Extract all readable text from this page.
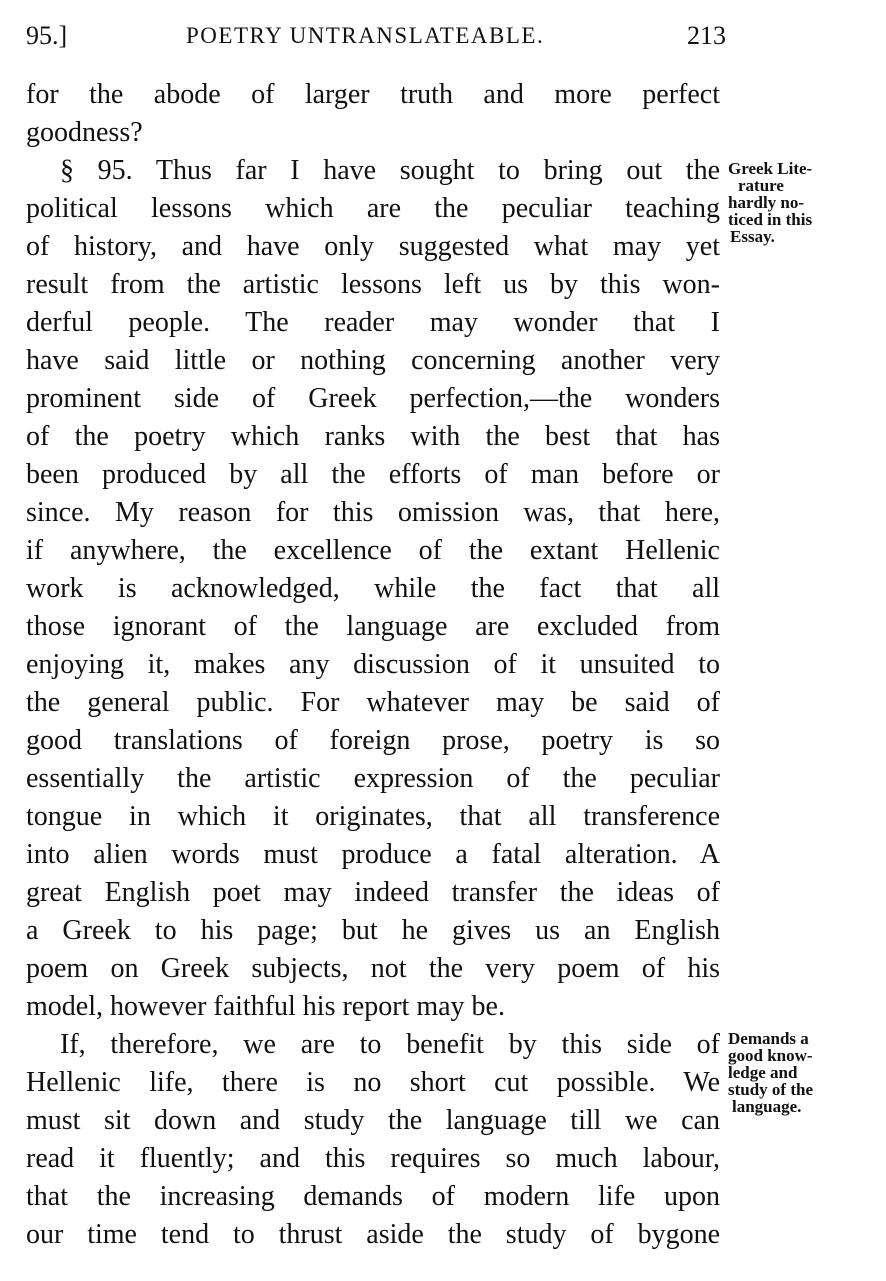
95.]	POETRY UNTRANSLATEABLE.	213
for the abode of larger truth and more perfect
goodness?
§ 95. Thus far I have sought to bring out the
political lessons which are the peculiar teaching
of history, and have only suggested what may yet
result from the artistic lessons left us by this won-
derful people. The reader may wonder that I
have said little or nothing concerning another very
prominent side of Greek perfection,—the wonders
of the poetry which ranks with the best that has
been produced by all the efforts of man before or
since. My reason for this omission was, that here,
if anywhere, the excellence of the extant Hellenic
work is acknowledged, while the fact that all
those ignorant of the language are excluded from
enjoying it, makes any discussion of it unsuited to
the general public. For whatever may be said of
good translations of foreign prose, poetry is so
essentially the artistic expression of the peculiar
tongue in which it originates, that all transference
into alien words must produce a fatal alteration. A
great English poet may indeed transfer the ideas of
a Greek to his page; but he gives us an English
poem on Greek subjects, not the very poem of his
model, however faithful his report may be.
If, therefore, we are to benefit by this side of
Hellenic life, there is no short cut possible. We
must sit down and study the language till we can
read it fluently; and this requires so much labour,
that the increasing demands of modern life upon
our time tend to thrust aside the study of bygone
Greek Lite-
rature
hardly no-
ticed in this
Essay.
Demands a
good know-
ledge and
study of the
language.
